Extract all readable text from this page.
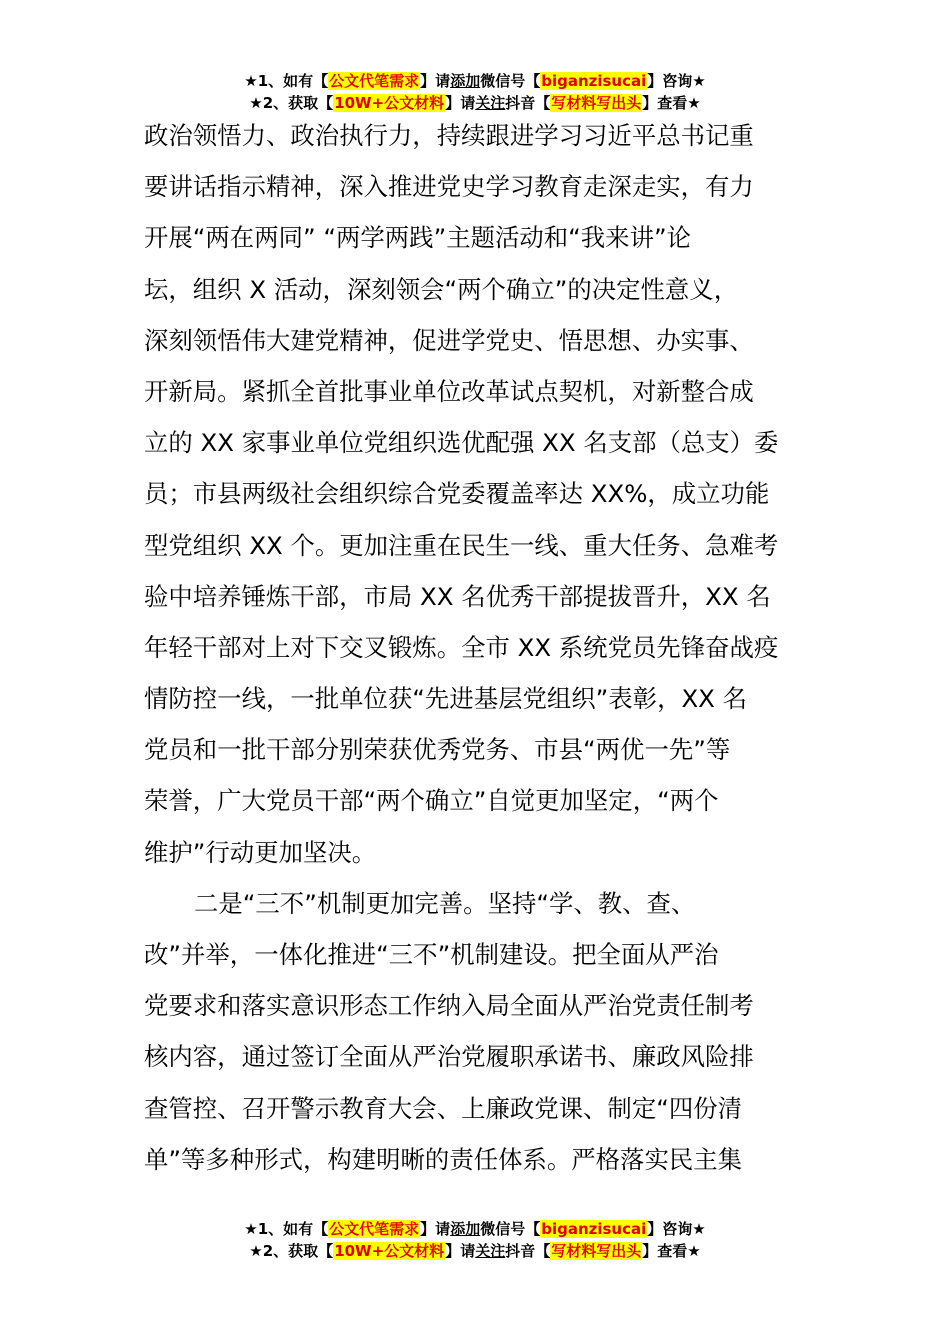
★1、如有【公文代笔需求】请添加微信号【biganzisucai】咨询★
★2、获取【10W+公文材料】请关注抖音【写材料写出头】查看★
政治领悟力、政治执行力，持续跟进学习习近平总书记重
要讲话指示精神，深入推进党史学习教育走深走实，有力
开展“两在两同” “两学两践”主题活动和“我来讲”论
坛，组织 X 活动，深刻领会“两个确立”的决定性意义，
深刻领悟伟大建党精神，促进学党史、悟思想、办实事、
开新局。紧抓全首批事业单位改革试点契机，对新整合成
立的 XX 家事业单位党组织选优配强 XX 名支部（总支）委
员；市县两级社会组织综合党委覆盖率达 XX%，成立功能
型党组织 XX 个。更加注重在民生一线、重大任务、急难考
验中培养锤炼干部，市局 XX 名优秀干部提拔晋升，XX 名
年轻干部对上对下交叉锻炼。全市 XX 系统党员先锋奋战疫
情防控一线，一批单位获“先进基层党组织”表彰，XX 名
党员和一批干部分别荣获优秀党务、市县“两优一先”等
荣誉，广大党员干部“两个确立”自觉更加坚定，“两个
维护”行动更加坚决。
二是“三不”机制更加完善。坚持“学、教、查、
改”并举，一体化推进“三不”机制建设。把全面从严治
党要求和落实意识形态工作纳入局全面从严治党责任制考
核内容，通过签订全面从严治党履职承诺书、廉政风险排
查管控、召开警示教育大会、上廉政党课、制定“四份清
单”等多种形式，构建明晰的责任体系。严格落实民主集
★1、如有【公文代笔需求】请添加微信号【biganzisucai】咨询★
★2、获取【10W+公文材料】请关注抖音【写材料写出头】查看★
